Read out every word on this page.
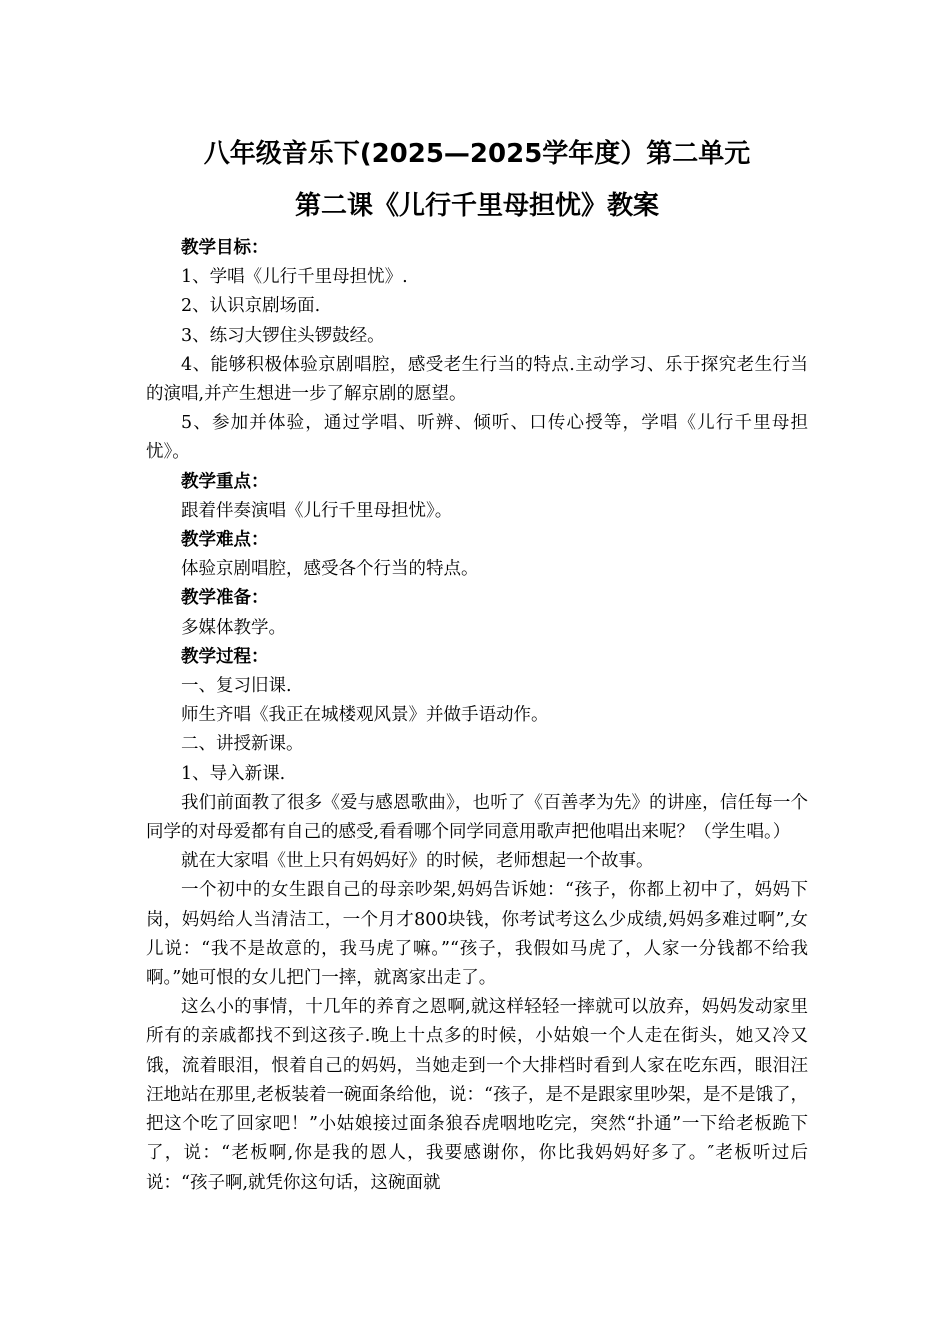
八年级音乐下(2025—2025学年度）第二单元
第二课《儿行千里母担忧》教案

教学目标：

1、学唱《儿行千里母担忧》.

2、认识京剧场面.

3、练习大锣住头锣鼓经。

4、能够积极体验京剧唱腔，感受老生行当的特点.主动学习、乐于探究老生行当的演唱,并产生想进一步了解京剧的愿望。

5、参加并体验，通过学唱、听辨、倾听、口传心授等，学唱《儿行千里母担忧》。

教学重点：

跟着伴奏演唱《儿行千里母担忧》。

教学难点：

体验京剧唱腔，感受各个行当的特点。

教学准备：

多媒体教学。

教学过程：

一、复习旧课.

师生齐唱《我正在城楼观风景》并做手语动作。

二、讲授新课。

1、导入新课.

我们前面教了很多《爱与感恩歌曲》，也听了《百善孝为先》的讲座，信任每一个同学的对母爱都有自己的感受,看看哪个同学同意用歌声把他唱出来呢？（学生唱。）

就在大家唱《世上只有妈妈好》的时候，老师想起一个故事。

一个初中的女生跟自己的母亲吵架,妈妈告诉她：“孩子，你都上初中了，妈妈下岗，妈妈给人当清洁工，一个月才800块钱，你考试考这么少成绩,妈妈多难过啊”,女儿说：“我不是故意的，我马虎了嘛。”“孩子，我假如马虎了，人家一分钱都不给我啊。”她可恨的女儿把门一摔，就离家出走了。

这么小的事情，十几年的养育之恩啊,就这样轻轻一摔就可以放弃，妈妈发动家里所有的亲戚都找不到这孩子.晚上十点多的时候，小姑娘一个人走在街头，她又冷又饿，流着眼泪，恨着自己的妈妈，当她走到一个大排档时看到人家在吃东西，眼泪汪汪地站在那里,老板装着一碗面条给他，说：“孩子，是不是跟家里吵架，是不是饿了，把这个吃了回家吧！”小姑娘接过面条狼吞虎咽地吃完，突然“扑通”一下给老板跪下了，说：“老板啊,你是我的恩人，我要感谢你，你比我妈妈好多了。″老板听过后说：“孩子啊,就凭你这句话，这碗面就
